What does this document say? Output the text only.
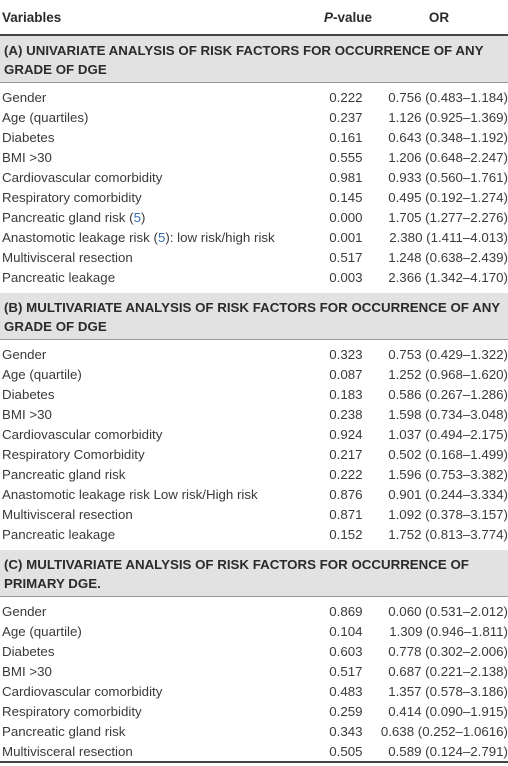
Variables	P-value	OR
(A) UNIVARIATE ANALYSIS OF RISK FACTORS FOR OCCURRENCE OF ANY GRADE OF DGE
Gender	0.222	0.756 (0.483–1.184)
Age (quartiles)	0.237	1.126 (0.925–1.369)
Diabetes	0.161	0.643 (0.348–1.192)
BMI >30	0.555	1.206 (0.648–2.247)
Cardiovascular comorbidity	0.981	0.933 (0.560–1.761)
Respiratory comorbidity	0.145	0.495 (0.192–1.274)
Pancreatic gland risk (5)	0.000	1.705 (1.277–2.276)
Anastomotic leakage risk (5): low risk/high risk	0.001	2.380 (1.411–4.013)
Multivisceral resection	0.517	1.248 (0.638–2.439)
Pancreatic leakage	0.003	2.366 (1.342–4.170)
(B) MULTIVARIATE ANALYSIS OF RISK FACTORS FOR OCCURRENCE OF ANY GRADE OF DGE
Gender	0.323	0.753 (0.429–1.322)
Age (quartile)	0.087	1.252 (0.968–1.620)
Diabetes	0.183	0.586 (0.267–1.286)
BMI >30	0.238	1.598 (0.734–3.048)
Cardiovascular comorbidity	0.924	1.037 (0.494–2.175)
Respiratory Comorbidity	0.217	0.502 (0.168–1.499)
Pancreatic gland risk	0.222	1.596 (0.753–3.382)
Anastomotic leakage risk Low risk/High risk	0.876	0.901 (0.244–3.334)
Multivisceral resection	0.871	1.092 (0.378–3.157)
Pancreatic leakage	0.152	1.752 (0.813–3.774)
(C) MULTIVARIATE ANALYSIS OF RISK FACTORS FOR OCCURRENCE OF PRIMARY DGE.
Gender	0.869	0.060 (0.531–2.012)
Age (quartile)	0.104	1.309 (0.946–1.811)
Diabetes	0.603	0.778 (0.302–2.006)
BMI >30	0.517	0.687 (0.221–2.138)
Cardiovascular comorbidity	0.483	1.357 (0.578–3.186)
Respiratory comorbidity	0.259	0.414 (0.090–1.915)
Pancreatic gland risk	0.343	0.638 (0.252–1.0616)
Multivisceral resection	0.505	0.589 (0.124–2.791)
